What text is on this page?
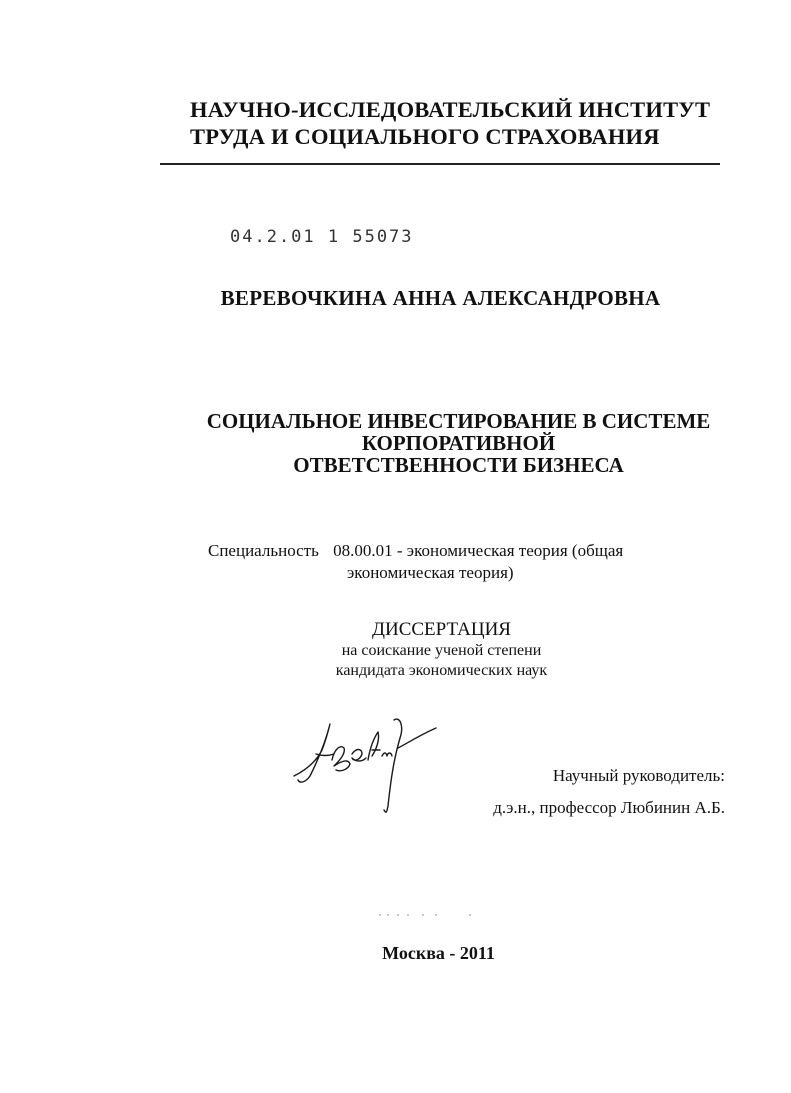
НАУЧНО-ИССЛЕДОВАТЕЛЬСКИЙ ИНСТИТУТ
ТРУДА И СОЦИАЛЬНОГО СТРАХОВАНИЯ
04.2.01 1 55073
ВЕРЕВОЧКИНА АННА АЛЕКСАНДРОВНА
СОЦИАЛЬНОЕ ИНВЕСТИРОВАНИЕ В СИСТЕМЕ
КОРПОРАТИВНОЙ
ОТВЕТСТВЕННОСТИ БИЗНЕСА
Специальность 08.00.01 - экономическая теория (общая
экономическая теория)
ДИССЕРТАЦИЯ
на соискание ученой степени
кандидата экономических наук
Научный руководитель:
д.э.н., профессор Любинин А.Б.
Москва - 2011
